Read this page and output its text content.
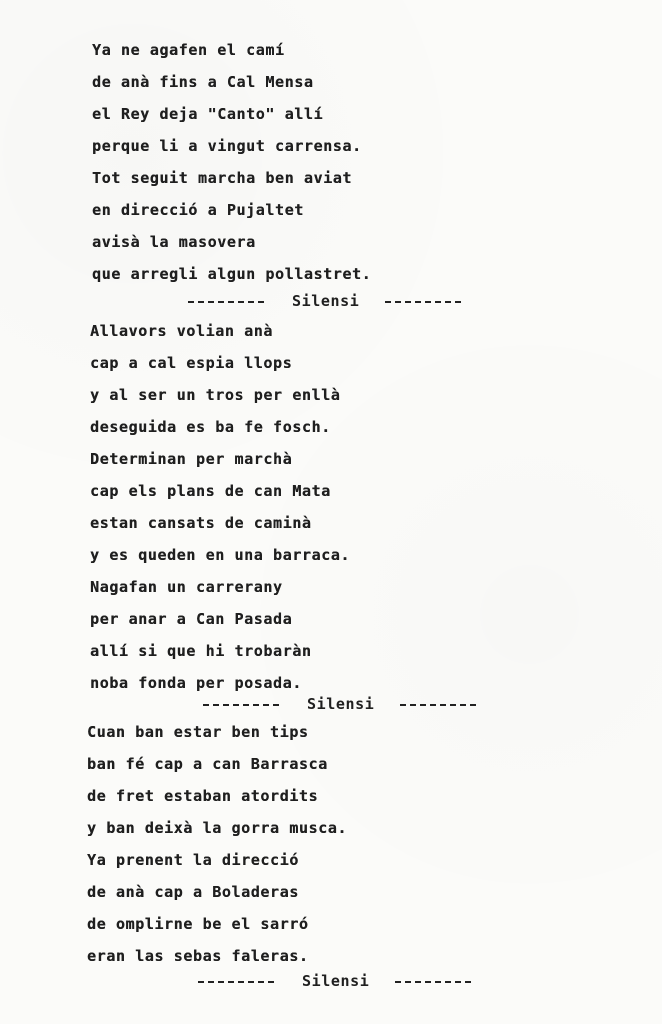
Ya ne agafen el camí
de anà fins a Cal Mensa
el Rey deja "Canto" allí
perque li a vingut carrensa.
Tot seguit marcha ben aviat
en direcció a Pujaltet
avisà la masovera
que arregli algun pollastret.
Silensi
Allavors volian anà
cap a cal espia llops
y al ser un tros per enllà
deseguida es ba fe fosch.
Determinan per marchà
cap els plans de can Mata
estan cansats de caminà
y es queden en una barraca.
Nagafan un carrerany
per anar a Can Pasada
allí si que hi trobaràn
noba fonda per posada.
Silensi
Cuan ban estar ben tips
ban fé cap a can Barrasca
de fret estaban atordits
y ban deixà la gorra musca.
Ya prenent la direcció
de anà cap a Boladeras
de omplirne be el sarró
eran las sebas faleras.
Silensi
